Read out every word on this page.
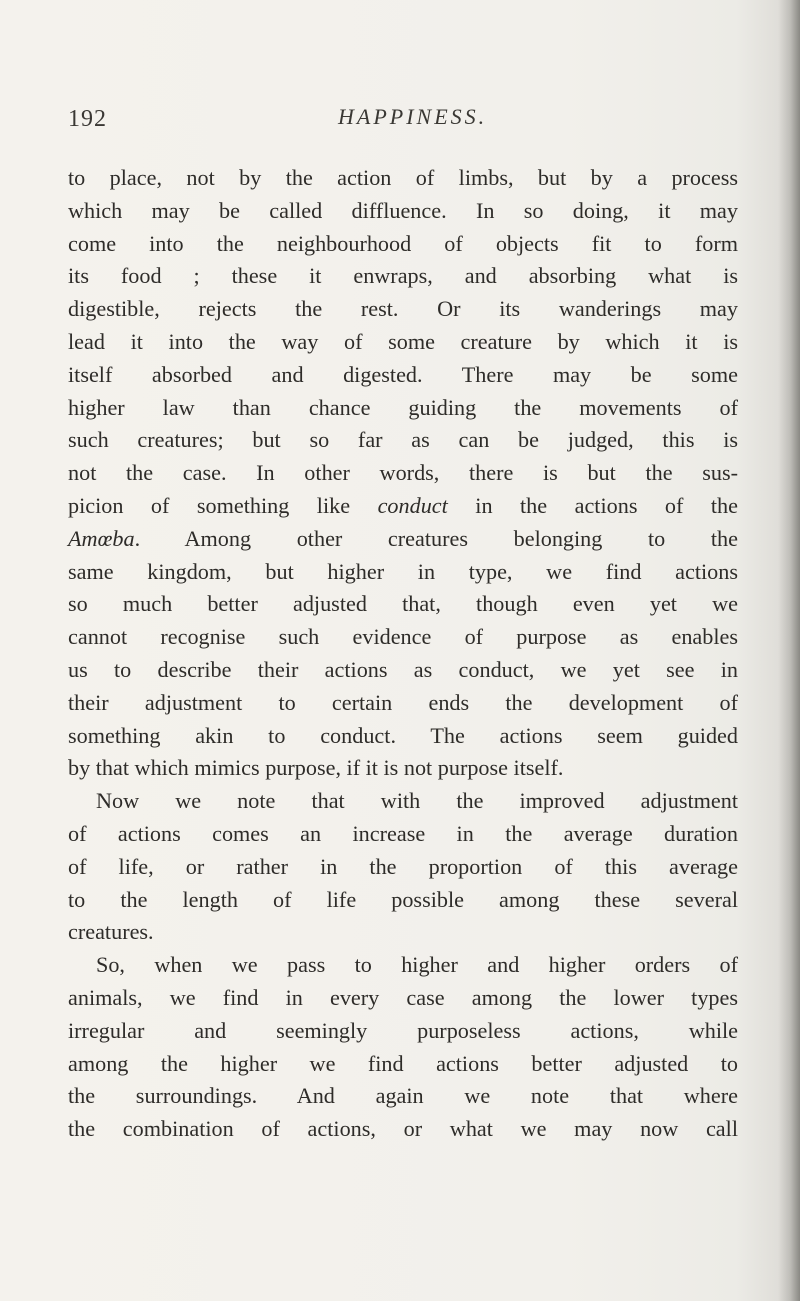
192	HAPPINESS.
to place, not by the action of limbs, but by a process
which may be called diffluence. In so doing, it may
come into the neighbourhood of objects fit to form
its food ; these it enwraps, and absorbing what is
digestible, rejects the rest. Or its wanderings may
lead it into the way of some creature by which it is
itself absorbed and digested. There may be some
higher law than chance guiding the movements of
such creatures; but so far as can be judged, this is
not the case. In other words, there is but the sus-
picion of something like conduct in the actions of the
Amœba. Among other creatures belonging to the
same kingdom, but higher in type, we find actions
so much better adjusted that, though even yet we
cannot recognise such evidence of purpose as enables
us to describe their actions as conduct, we yet see in
their adjustment to certain ends the development of
something akin to conduct. The actions seem guided
by that which mimics purpose, if it is not purpose itself.
Now we note that with the improved adjustment
of actions comes an increase in the average duration
of life, or rather in the proportion of this average
to the length of life possible among these several
creatures.
So, when we pass to higher and higher orders of
animals, we find in every case among the lower types
irregular and seemingly purposeless actions, while
among the higher we find actions better adjusted to
the surroundings. And again we note that where
the combination of actions, or what we may now call
